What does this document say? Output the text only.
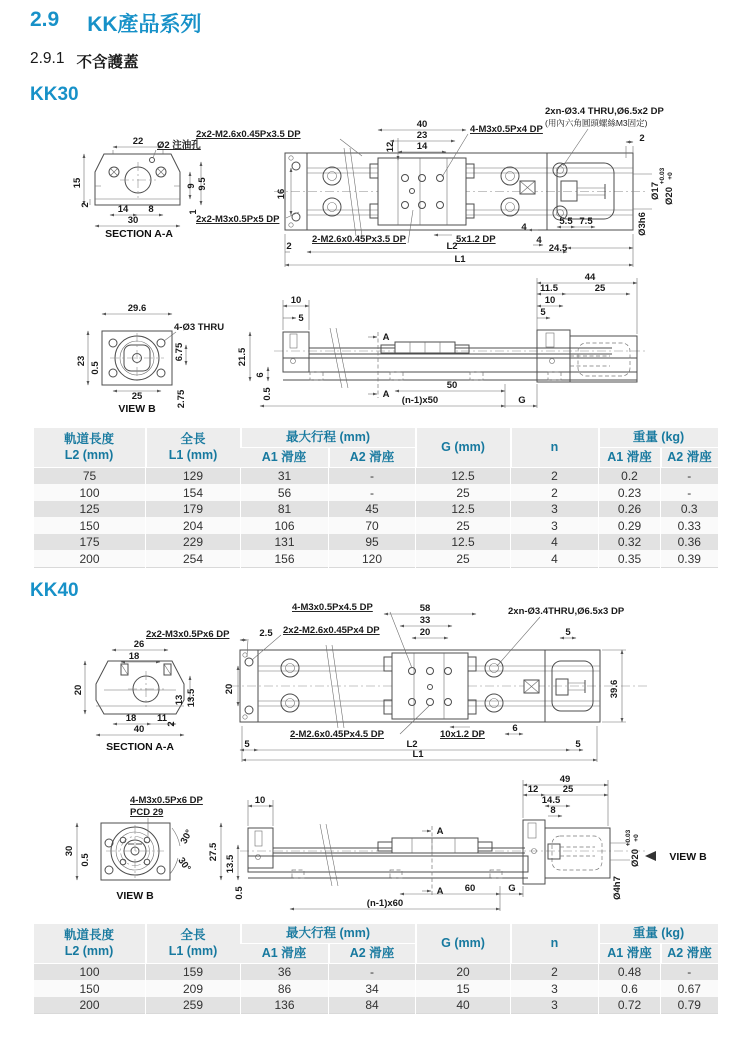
2.9 KK產品系列
2.9.1 不含護蓋
KK30
KK40
22 Ø2 注油孔
15
2	14 8
30
9 9.5
1
SECTION A-A
40
23
14
12
16
2x2-M2.6x0.45Px3.5 DP
2x2-M3x0.5Px5 DP
4-M3x0.5Px4 DP
2xn-Ø3.4 THRU,Ø6.5x2 DP
(用內六角圓頭螺絲M3固定)
2
2-M2.6x0.45Px3.5 DP	5x1.2 DP
2	L2
4
4
5.5 7.5
24.5
L1
Ø3h6
Ø17 Ø20
+0.03 +0
29.6
4-Ø3 THRU
23
0.5
6.75
25	2.75
VIEW B
10
5
44
11.5	25
10
5
A
A
21.5
6
0.5
50
(n-1)x50	G
軌道長度
L2 (mm)

全長
L1 (mm)
	最大行程 (mm)	G (mm)	n	重量 (kg)
		A1 滑座	A2 滑座			A1 滑座	A2 滑座
75	129	31	-	12.5	2	0.2	-
100	154	56	-	25	2	0.23	-
125	179	81	45	12.5	3	0.26	0.3
150	204	106	70	25	3	0.29	0.33
175	229	131	95	12.5	4	0.32	0.36
200	254	156	120	25	4	0.35	0.39
26
18
20
13 13.5
18 11
2
40
SECTION A-A
58
33
20
4-M3x0.5Px4.5 DP
2x2-M2.6x0.45Px4 DP
2.5
2xn-Ø3.4THRU,Ø6.5x3 DP
5
20	39.6
2x2-M3x0.5Px6 DP
2-M2.6x0.45Px4.5 DP	10x1.2 DP
6
5	L2	5
L1
4-M3x0.5Px6 DP
PCD 29
30
0.5
30°
30°
VIEW B
10
49
12	25
14.5
8
A
A
27.5
13.5
0.5	60
(n-1)x60
G
Ø20
+0.03 +0
Ø4h7
VIEW B
軌道長度
L2 (mm)

全長
L1 (mm)
	最大行程 (mm)	G (mm)	n	重量 (kg)
		A1 滑座	A2 滑座			A1 滑座	A2 滑座
100	159	36	-	20	2	0.48	-
150	209	86	34	15	3	0.6	0.67
200	259	136	84	40	3	0.72	0.79
